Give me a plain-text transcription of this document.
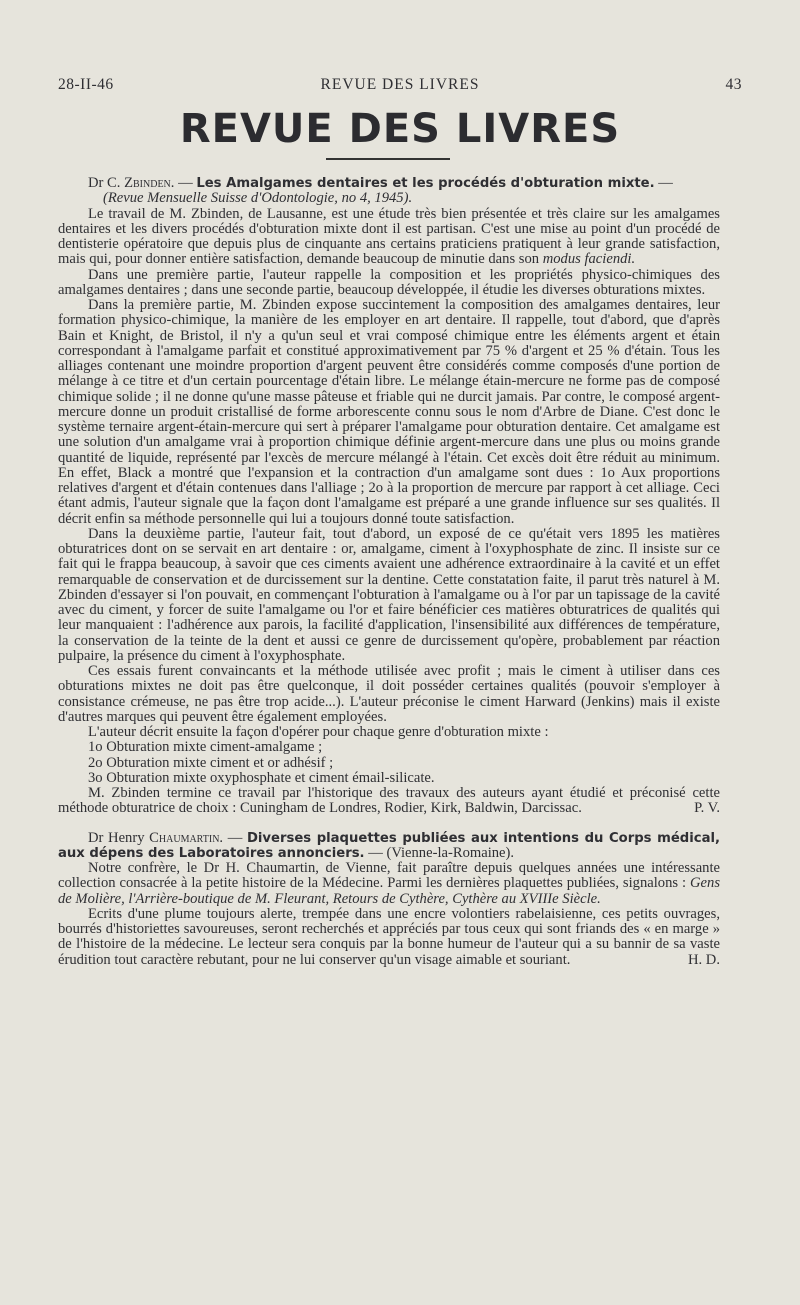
28-II-46	REVUE DES LIVRES	43
REVUE DES LIVRES

Dr C. Zbinden. — Les Amalgames dentaires et les procédés d'obturation mixte. —

(Revue Mensuelle Suisse d'Odontologie, no 4, 1945).

Le travail de M. Zbinden, de Lausanne, est une étude très bien présentée et très claire sur les amalgames dentaires et les divers procédés d'obturation mixte dont il est partisan. C'est une mise au point d'un procédé de dentisterie opératoire que depuis plus de cinquante ans certains praticiens pratiquent à leur grande satisfaction, mais qui, pour donner entière satisfaction, demande beaucoup de minutie dans son modus faciendi.

Dans une première partie, l'auteur rappelle la composition et les propriétés physico-chimiques des amalgames dentaires ; dans une seconde partie, beaucoup développée, il étudie les diverses obturations mixtes.

Dans la première partie, M. Zbinden expose succintement la composition des amalgames dentaires, leur formation physico-chimique, la manière de les employer en art dentaire. Il rappelle, tout d'abord, que d'après Bain et Knight, de Bristol, il n'y a qu'un seul et vrai composé chimique entre les éléments argent et étain correspondant à l'amalgame parfait et constitué approximativement par 75 % d'argent et 25 % d'étain. Tous les alliages contenant une moindre proportion d'argent peuvent être considérés comme composés d'une portion de mélange à ce titre et d'un certain pourcentage d'étain libre. Le mélange étain-mercure ne forme pas de composé chimique solide ; il ne donne qu'une masse pâteuse et friable qui ne durcit jamais. Par contre, le composé argent-mercure donne un produit cristallisé de forme arborescente connu sous le nom d'Arbre de Diane. C'est donc le système ternaire argent-étain-mercure qui sert à préparer l'amalgame pour obturation dentaire. Cet amalgame est une solution d'un amalgame vrai à proportion chimique définie argent-mercure dans une plus ou moins grande quantité de liquide, représenté par l'excès de mercure mélangé à l'étain. Cet excès doit être réduit au minimum. En effet, Black a montré que l'expansion et la contraction d'un amalgame sont dues : 1o Aux proportions relatives d'argent et d'étain contenues dans l'alliage ; 2o à la proportion de mercure par rapport à cet alliage. Ceci étant admis, l'auteur signale que la façon dont l'amalgame est préparé a une grande influence sur ses qualités. Il décrit enfin sa méthode personnelle qui lui a toujours donné toute satisfaction.

Dans la deuxième partie, l'auteur fait, tout d'abord, un exposé de ce qu'était vers 1895 les matières obturatrices dont on se servait en art dentaire : or, amalgame, ciment à l'oxyphosphate de zinc. Il insiste sur ce fait qui le frappa beaucoup, à savoir que ces ciments avaient une adhérence extraordinaire à la cavité et un effet remarquable de conservation et de durcissement sur la dentine. Cette constatation faite, il parut très naturel à M. Zbinden d'essayer si l'on pouvait, en commençant l'obturation à l'amalgame ou à l'or par un tapissage de la cavité avec du ciment, y forcer de suite l'amalgame ou l'or et faire bénéficier ces matières obturatrices de qualités qui leur manquaient : l'adhérence aux parois, la facilité d'application, l'insensibilité aux différences de température, la conservation de la teinte de la dent et aussi ce genre de durcissement qu'opère, probablement par réaction pulpaire, la présence du ciment à l'oxyphosphate.

Ces essais furent convaincants et la méthode utilisée avec profit ; mais le ciment à utiliser dans ces obturations mixtes ne doit pas être quelconque, il doit posséder certaines qualités (pouvoir s'employer à consistance crémeuse, ne pas être trop acide...). L'auteur préconise le ciment Harward (Jenkins) mais il existe d'autres marques qui peuvent être également employées.

L'auteur décrit ensuite la façon d'opérer pour chaque genre d'obturation mixte :

1o Obturation mixte ciment-amalgame ;

2o Obturation mixte ciment et or adhésif ;

3o Obturation mixte oxyphosphate et ciment émail-silicate.

M. Zbinden termine ce travail par l'historique des travaux des auteurs ayant étudié et préconisé cette méthode obturatrice de choix : Cuningham de Londres, Rodier, Kirk, Baldwin, Darcissac.	P. V.

Dr Henry Chaumartin. — Diverses plaquettes publiées aux intentions du Corps médical, aux dépens des Laboratoires annonciers. — (Vienne-la-Romaine).

Notre confrère, le Dr H. Chaumartin, de Vienne, fait paraître depuis quelques années une intéressante collection consacrée à la petite histoire de la Médecine. Parmi les dernières plaquettes publiées, signalons : Gens de Molière, l'Arrière-boutique de M. Fleurant, Retours de Cythère, Cythère au XVIIIe Siècle.

Ecrits d'une plume toujours alerte, trempée dans une encre volontiers rabelaisienne, ces petits ouvrages, bourrés d'historiettes savoureuses, seront recherchés et appréciés par tous ceux qui sont friands des « en marge » de l'histoire de la médecine. Le lecteur sera conquis par la bonne humeur de l'auteur qui a su bannir de sa vaste érudition tout caractère rebutant, pour ne lui conserver qu'un visage aimable et souriant.	H. D.
